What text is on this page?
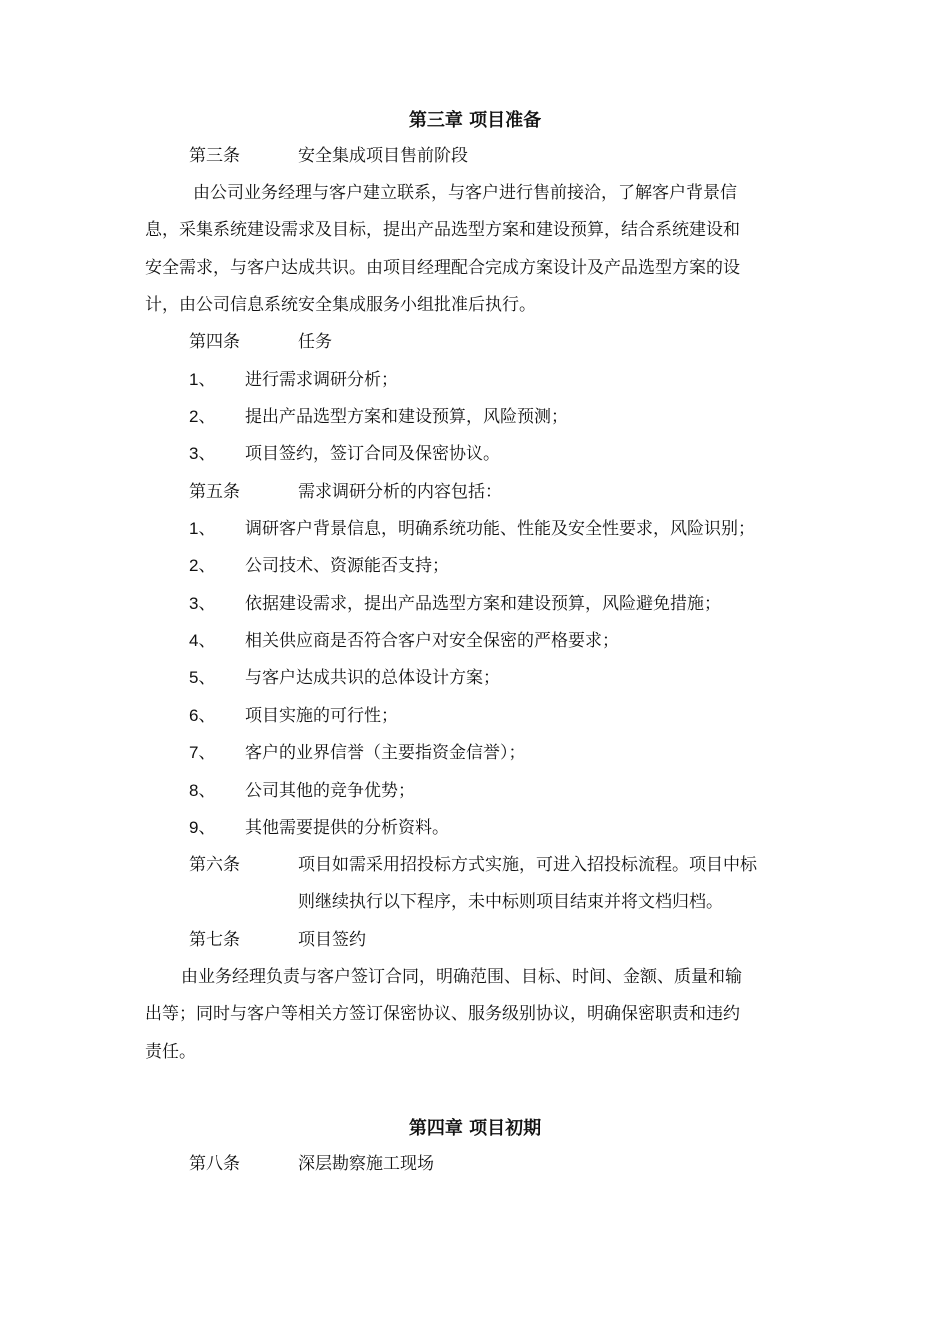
第三章 项目准备
第三条	安全集成项目售前阶段
由公司业务经理与客户建立联系，与客户进行售前接洽，了解客户背景信
息，采集系统建设需求及目标，提出产品选型方案和建设预算，结合系统建设和
安全需求，与客户达成共识。由项目经理配合完成方案设计及产品选型方案的设
计，由公司信息系统安全集成服务小组批准后执行。
第四条	任务
1、 进行需求调研分析；
2、 提出产品选型方案和建设预算，风险预测；
3、 项目签约，签订合同及保密协议。
第五条	需求调研分析的内容包括：
1、 调研客户背景信息，明确系统功能、性能及安全性要求，风险识别；
2、 公司技术、资源能否支持；
3、 依据建设需求，提出产品选型方案和建设预算，风险避免措施；
4、 相关供应商是否符合客户对安全保密的严格要求；
5、 与客户达成共识的总体设计方案；
6、 项目实施的可行性；
7、 客户的业界信誉（主要指资金信誉）；
8、 公司其他的竞争优势；
9、 其他需要提供的分析资料。
第六条	项目如需采用招投标方式实施，可进入招投标流程。项目中标
则继续执行以下程序，未中标则项目结束并将文档归档。
第七条	项目签约
由业务经理负责与客户签订合同，明确范围、目标、时间、金额、质量和输
出等；同时与客户等相关方签订保密协议、服务级别协议，明确保密职责和违约
责任。
第四章 项目初期
第八条	深层勘察施工现场
